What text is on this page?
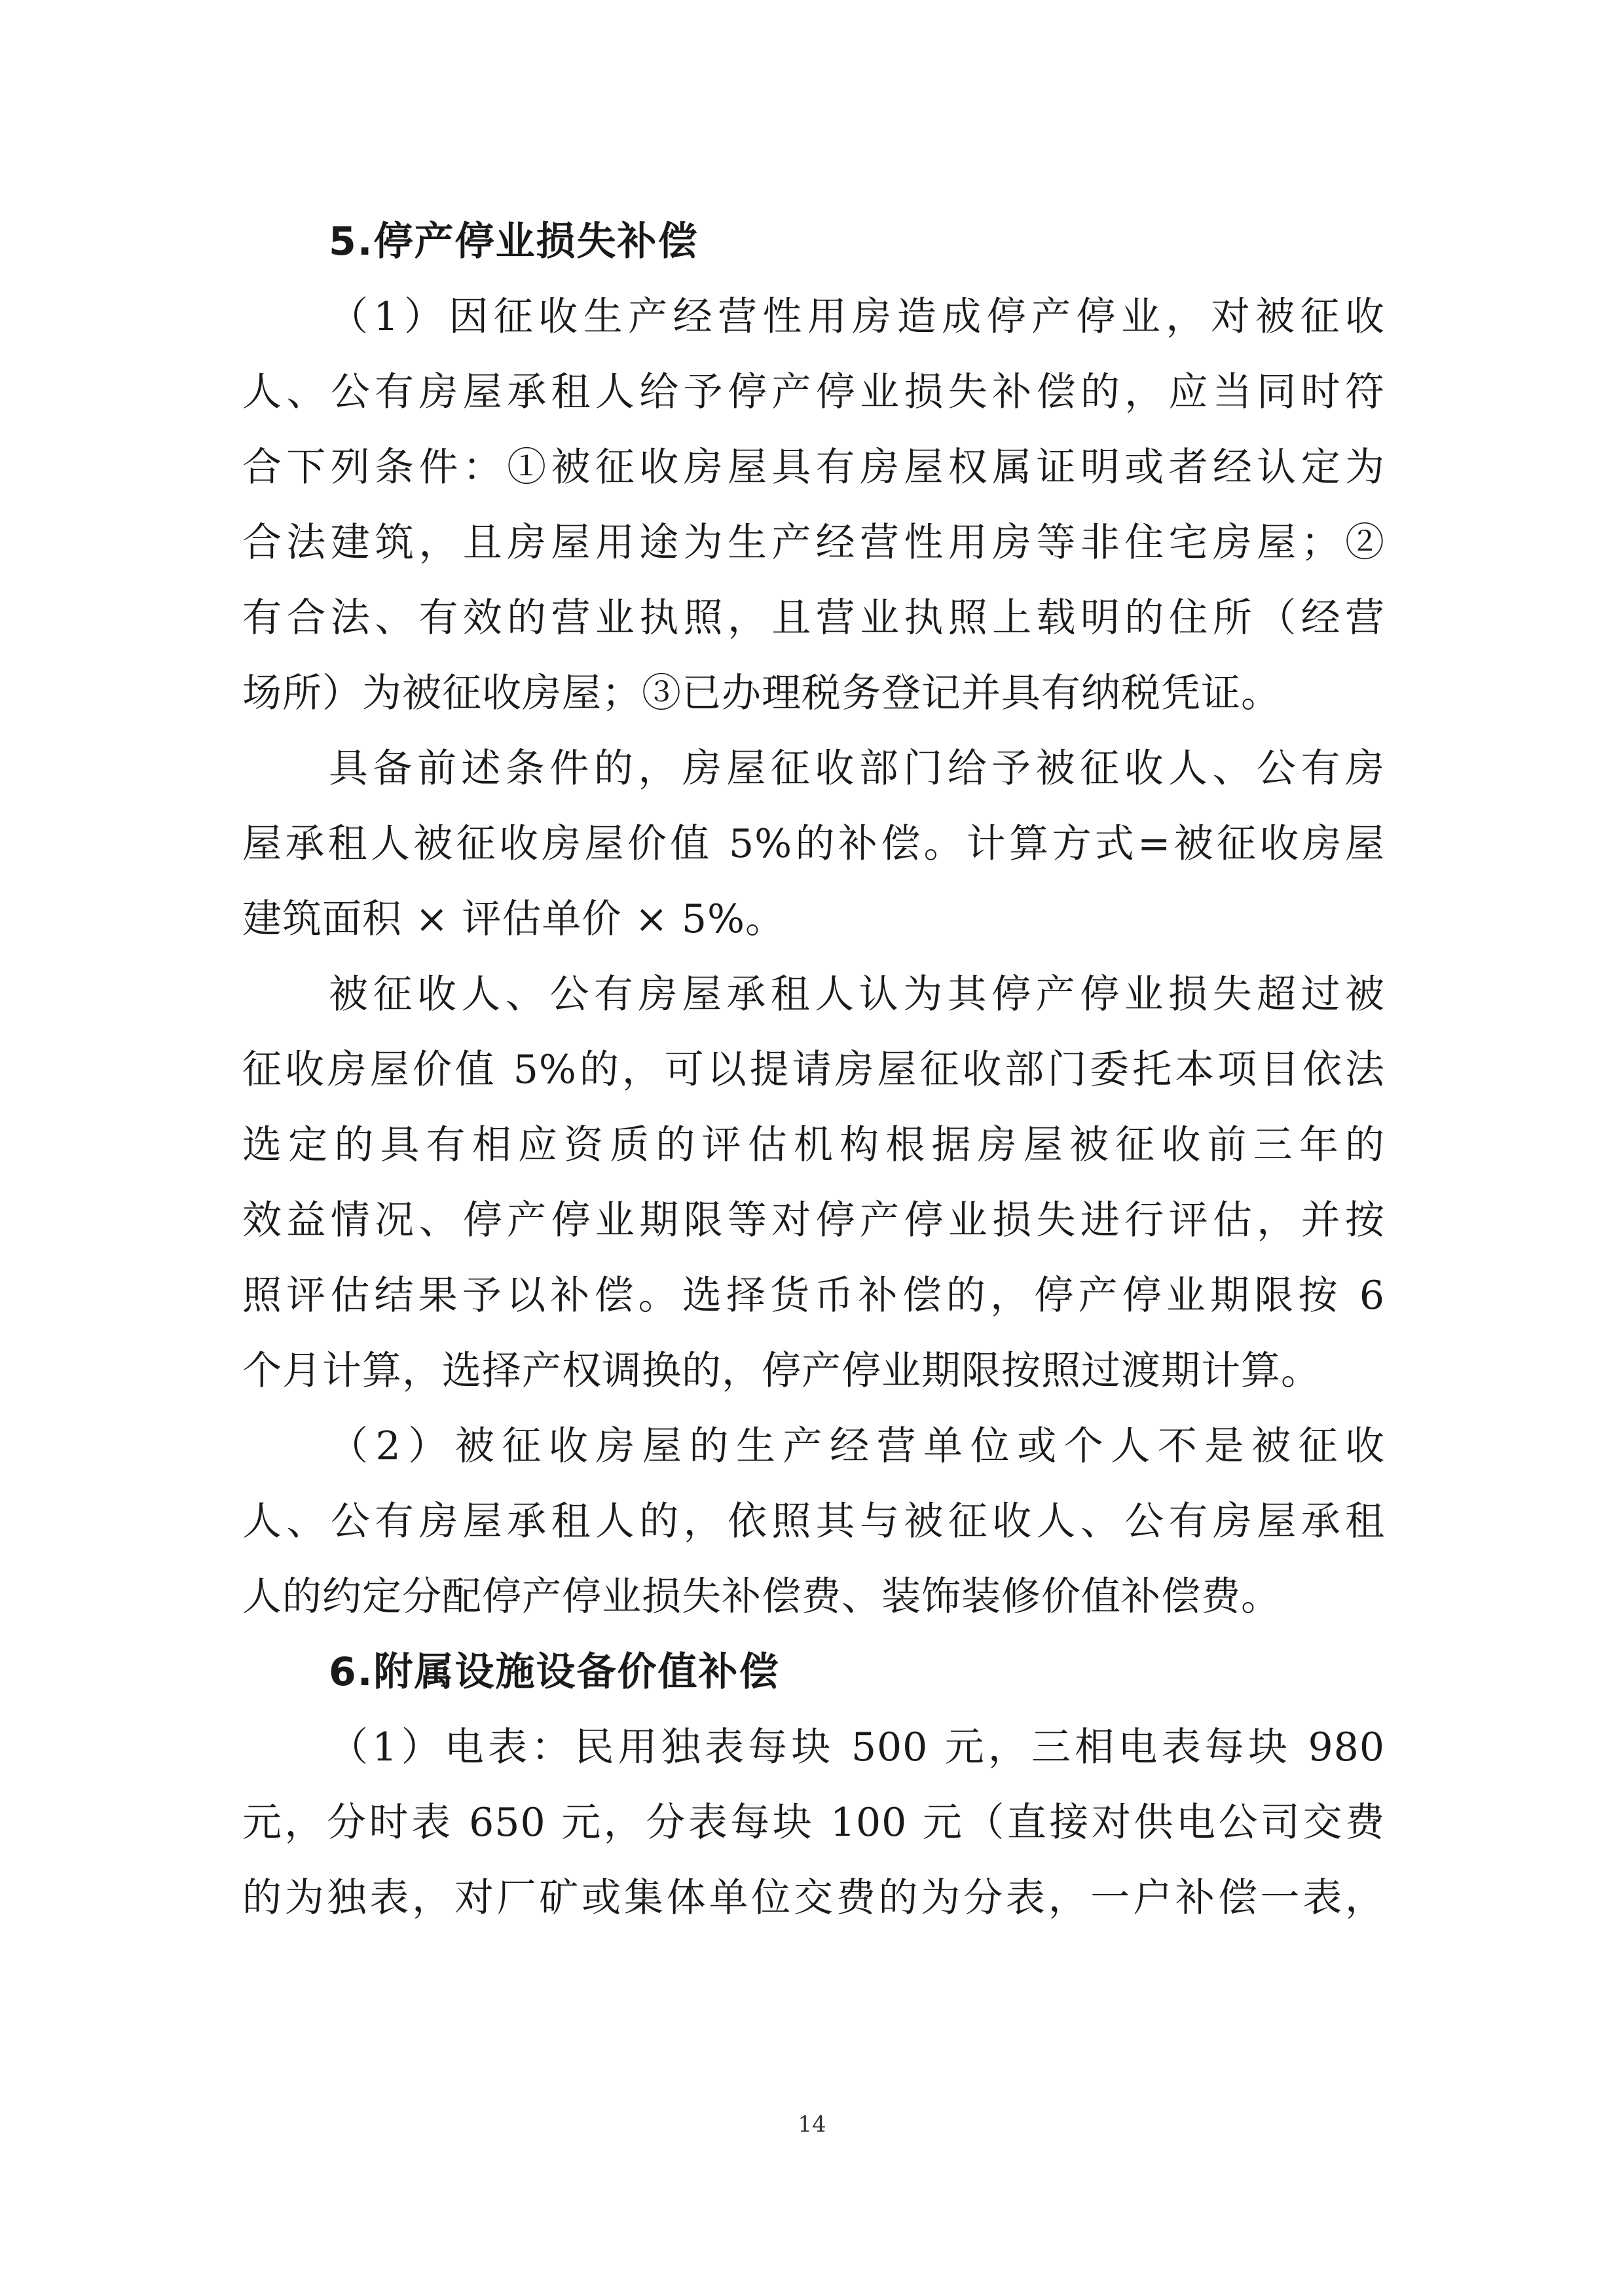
5.停产停业损失补偿
（1）因征收生产经营性用房造成停产停业，对被征收
人、公有房屋承租人给予停产停业损失补偿的，应当同时符
合下列条件：①被征收房屋具有房屋权属证明或者经认定为
合法建筑，且房屋用途为生产经营性用房等非住宅房屋；②
有合法、有效的营业执照，且营业执照上载明的住所（经营
场所）为被征收房屋；③已办理税务登记并具有纳税凭证。
具备前述条件的，房屋征收部门给予被征收人、公有房
屋承租人被征收房屋价值 5%的补偿。计算方式=被征收房屋
建筑面积 × 评估单价 × 5%。
被征收人、公有房屋承租人认为其停产停业损失超过被
征收房屋价值 5%的，可以提请房屋征收部门委托本项目依法
选定的具有相应资质的评估机构根据房屋被征收前三年的
效益情况、停产停业期限等对停产停业损失进行评估，并按
照评估结果予以补偿。选择货币补偿的，停产停业期限按 6
个月计算，选择产权调换的，停产停业期限按照过渡期计算。
（2）被征收房屋的生产经营单位或个人不是被征收
人、公有房屋承租人的，依照其与被征收人、公有房屋承租
人的约定分配停产停业损失补偿费、装饰装修价值补偿费。
6.附属设施设备价值补偿
（1）电表：民用独表每块 500 元，三相电表每块 980
元，分时表 650 元，分表每块 100 元（直接对供电公司交费
的为独表，对厂矿或集体单位交费的为分表，一户补偿一表，
14
